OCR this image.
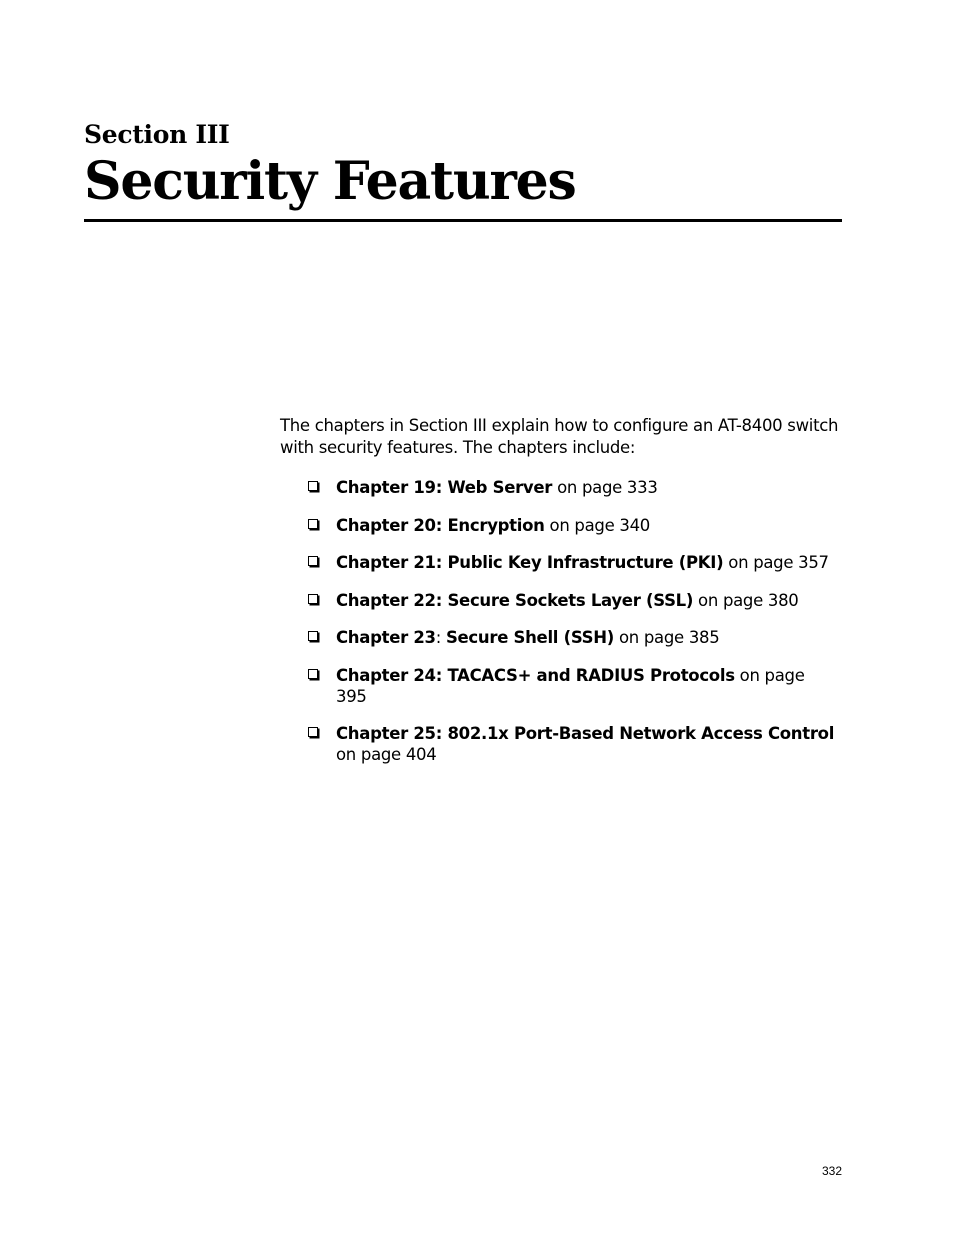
Section III
Security Features

The chapters in Section III explain how to configure an AT-8400 switch with security features. The chapters include:

Chapter 19: Web Server on page 333
Chapter 20: Encryption on page 340
Chapter 21: Public Key Infrastructure (PKI) on page 357
Chapter 22: Secure Sockets Layer (SSL) on page 380
Chapter 23: Secure Shell (SSH) on page 385
Chapter 24: TACACS+ and RADIUS Protocols on page 395
Chapter 25: 802.1x Port-Based Network Access Control on page 404
332
